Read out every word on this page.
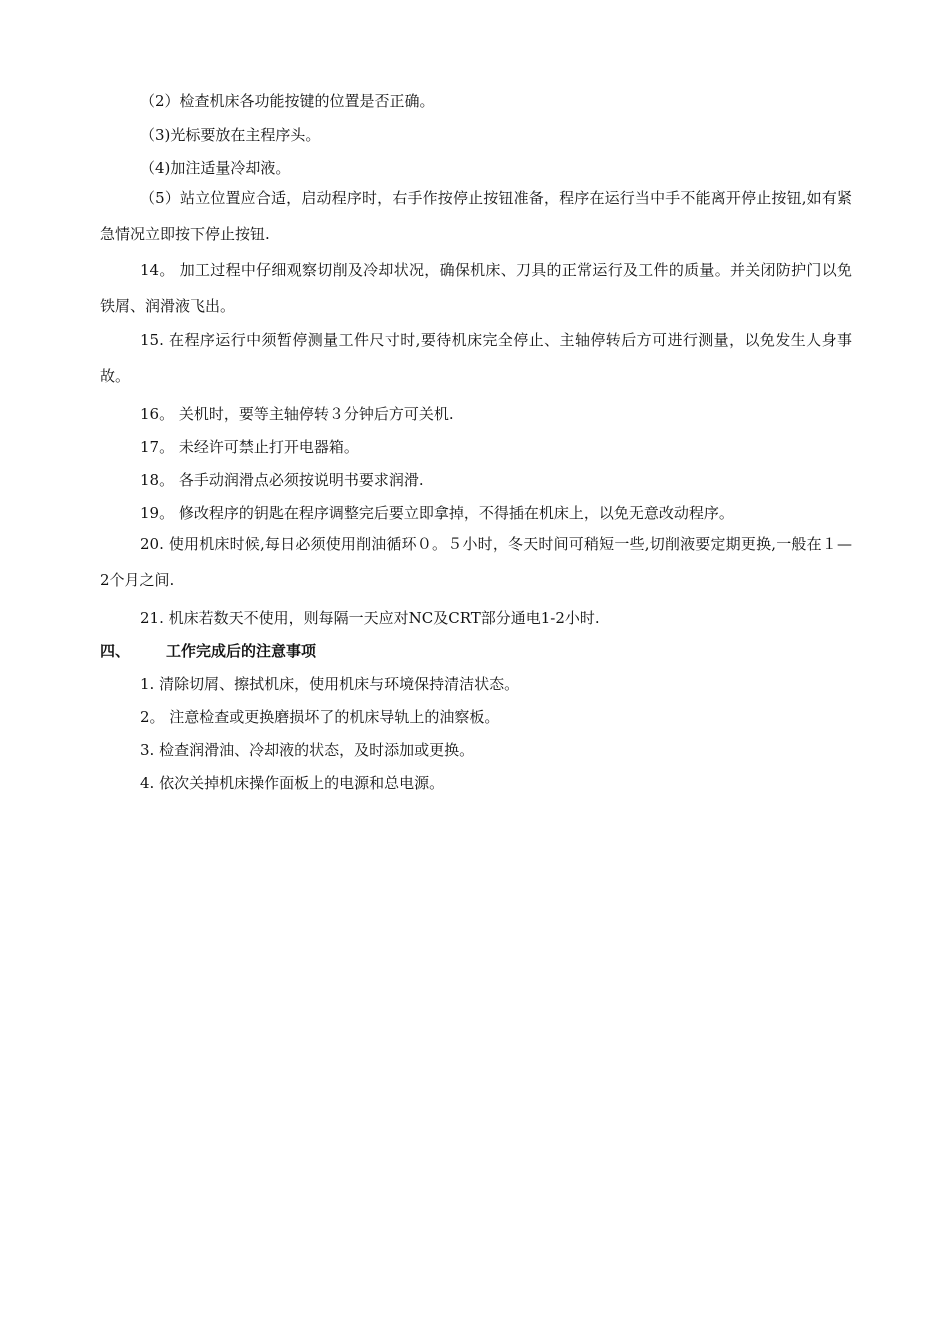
（2）检查机床各功能按键的位置是否正确。
（3)光标要放在主程序头。
（4)加注适量冷却液。
（5）站立位置应合适，启动程序时，右手作按停止按钮准备，程序在运行当中手不能离开停止按钮,如有紧急情况立即按下停止按钮.
14。 加工过程中仔细观察切削及冷却状况，确保机床、刀具的正常运行及工件的质量。并关闭防护门以免铁屑、润滑液飞出。
15. 在程序运行中须暂停测量工件尺寸时,要待机床完全停止、主轴停转后方可进行测量，以免发生人身事故。
16。 关机时，要等主轴停转３分钟后方可关机.
17。 未经许可禁止打开电器箱。
18。 各手动润滑点必须按说明书要求润滑.
19。 修改程序的钥匙在程序调整完后要立即拿掉，不得插在机床上，以免无意改动程序。
20. 使用机床时候,每日必须使用削油循环０。５小时，冬天时间可稍短一些,切削液要定期更换,一般在１—2个月之间.
21. 机床若数天不使用，则每隔一天应对NC及CRT部分通电1-2小时.
四、 工作完成后的注意事项
1. 清除切屑、擦拭机床，使用机床与环境保持清洁状态。
2。 注意检查或更换磨损坏了的机床导轨上的油察板。
3. 检查润滑油、冷却液的状态，及时添加或更换。
4. 依次关掉机床操作面板上的电源和总电源。
